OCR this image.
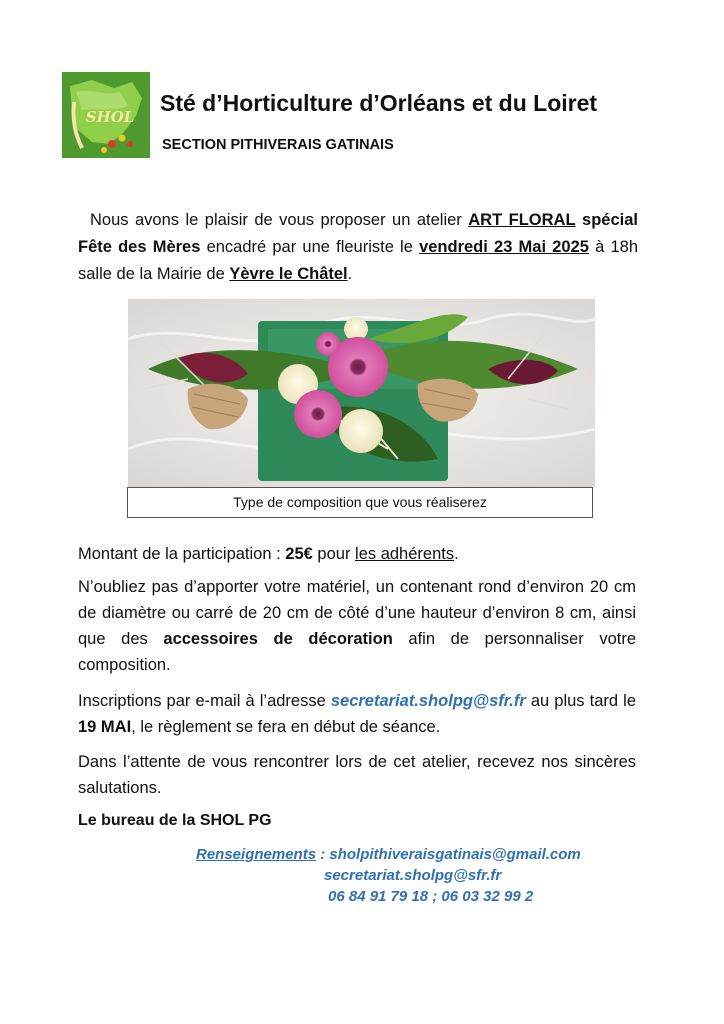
SHOL
Sté d’Horticulture d’Orléans et du Loiret
SECTION PITHIVERAIS GATINAIS
Nous avons le plaisir de vous proposer un atelier ART FLORAL spécial Fête des Mères encadré par une fleuriste le vendredi 23 Mai 2025 à 18h salle de la Mairie de Yèvre le Châtel.
Type de composition que vous réaliserez
Montant de la participation : 25€ pour les adhérents.
N’oubliez pas d’apporter votre matériel, un contenant rond d’environ 20 cm de diamètre ou carré de 20 cm de côté d’une hauteur d’environ 8 cm, ainsi que des accessoires de décoration afin de personnaliser votre composition.
Inscriptions par e-mail à l’adresse secretariat.sholpg@sfr.fr au plus tard le 19 MAI, le règlement se fera en début de séance.
Dans l’attente de vous rencontrer lors de cet atelier, recevez nos sincères salutations.
Le bureau de la SHOL PG
Renseignements : sholpithiveraisgatinais@gmail.com
secretariat.sholpg@sfr.fr
06 84 91 79 18 ; 06 03 32 99 2
